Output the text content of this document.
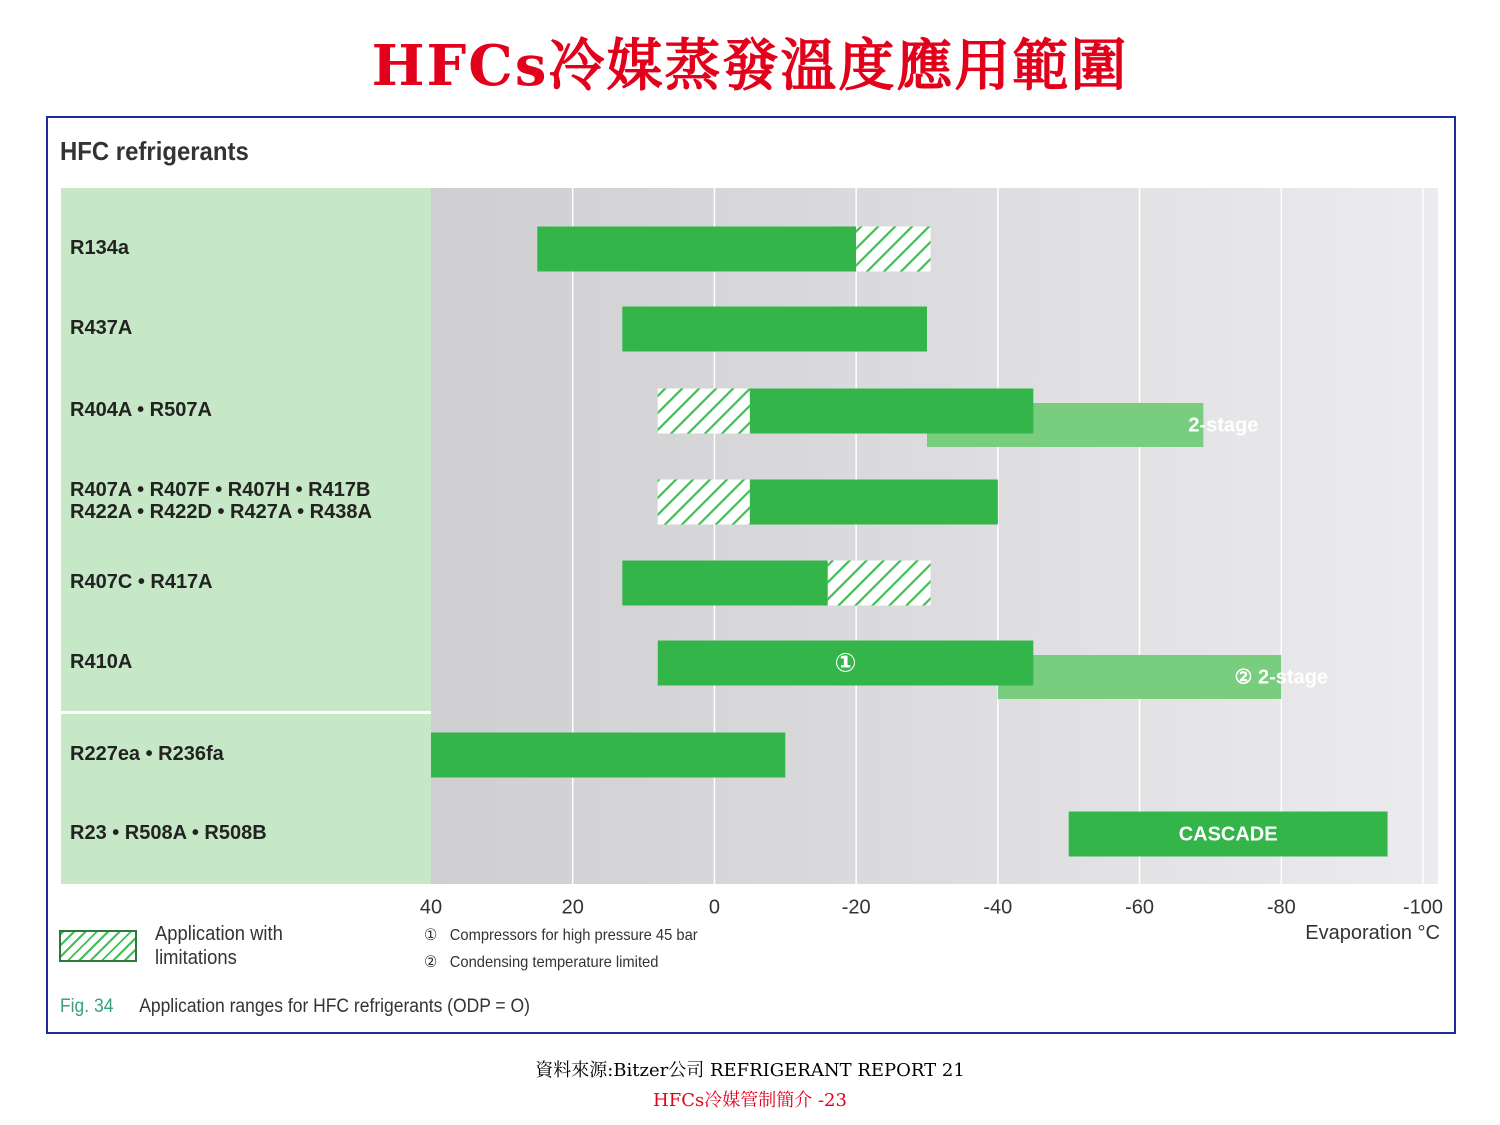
HFCs冷媒蒸發溫度應用範圍
HFC refrigerants
R134a
R437A
R404A • R507A
R407A • R407F • R407H • R417B R422A • R422D • R427A • R438A
R407C • R417A
R410A
R227ea • R236fa
R23 • R508A • R508B
2-stage
①	② 2-stage
CASCADE
40	20	0	-20	-40	-60	-80	-100
Application with limitations
① Compressors for high pressure 45 bar
② Condensing temperature limited
Evaporation °C
Fig. 34 Application ranges for HFC refrigerants (ODP = O)
資料來源:Bitzer公司 REFRIGERANT REPORT 21
HFCs冷媒管制簡介 -23
